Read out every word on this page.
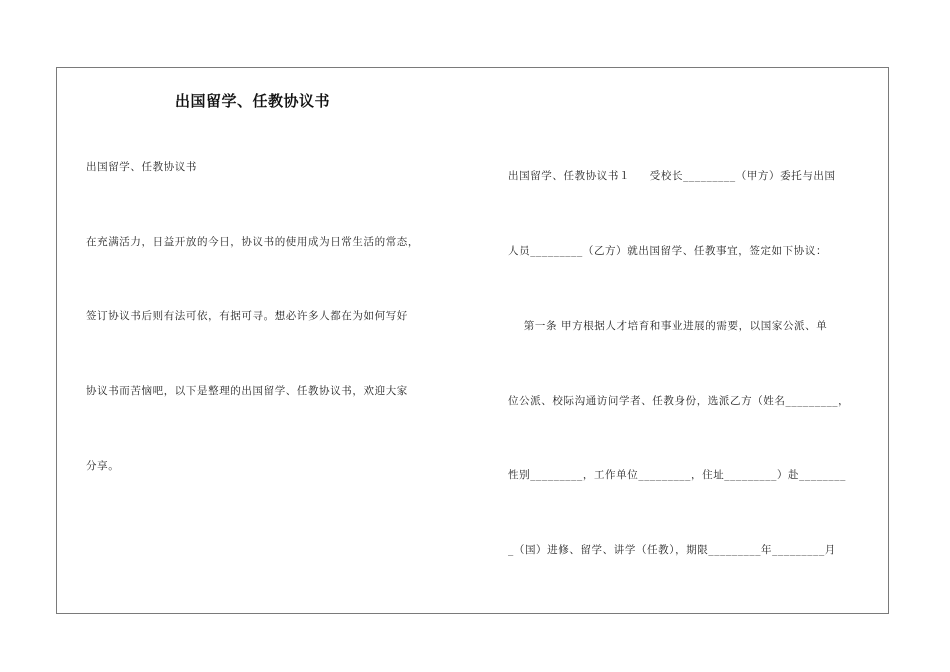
出国留学、任教协议书
出国留学、任教协议书
在充满活力，日益开放的今日，协议书的使用成为日常生活的常态，
签订协议书后则有法可依，有据可寻。想必许多人都在为如何写好
协议书而苦恼吧，以下是整理的出国留学、任教协议书，欢迎大家
分享。
出国留学、任教协议书１     受校长_________（甲方）委托与出国
人员_________（乙方）就出国留学、任教事宜，签定如下协议：
第一条 甲方根据人才培育和事业进展的需要，以国家公派、单
位公派、校际沟通访问学者、任教身份，选派乙方（姓名_________，
性别_________，工作单位_________，住址_________）赴________
_（国）进修、留学、讲学（任教），期限_________年_________月
